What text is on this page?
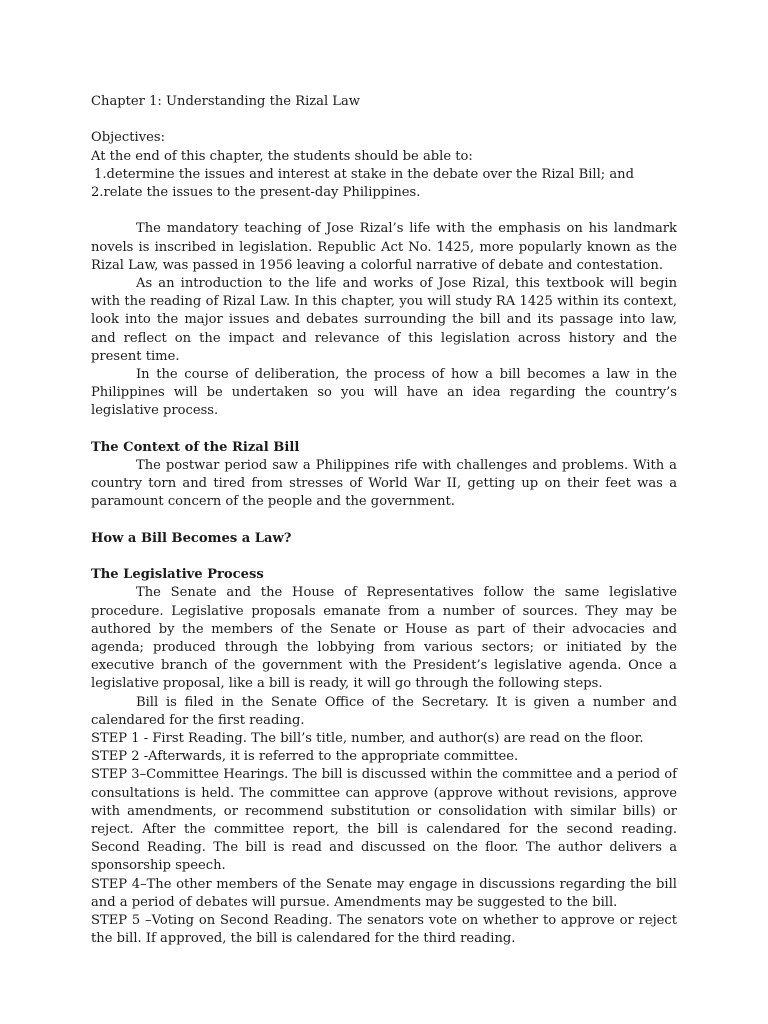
Chapter 1: Understanding the Rizal Law

Objectives:

At the end of this chapter, the students should be able to:

1.determine the issues and interest at stake in the debate over the Rizal Bill; and

2.relate the issues to the present-day Philippines.

The mandatory teaching of Jose Rizal’s life with the emphasis on his landmark novels is inscribed in legislation. Republic Act No. 1425, more popularly known as the Rizal Law, was passed in 1956 leaving a colorful narrative of debate and contestation.

As an introduction to the life and works of Jose Rizal, this textbook will begin with the reading of Rizal Law. In this chapter, you will study RA 1425 within its context, look into the major issues and debates surrounding the bill and its passage into law, and reflect on the impact and relevance of this legislation across history and the present time.

In the course of deliberation, the process of how a bill becomes a law in the Philippines will be undertaken so you will have an idea regarding the country’s legislative process.

The Context of the Rizal Bill

The postwar period saw a Philippines rife with challenges and problems. With a country torn and tired from stresses of World War II, getting up on their feet was a paramount concern of the people and the government.

How a Bill Becomes a Law?

The Legislative Process

The Senate and the House of Representatives follow the same legislative procedure. Legislative proposals emanate from a number of sources. They may be authored by the members of the Senate or House as part of their advocacies and agenda; produced through the lobbying from various sectors; or initiated by the executive branch of the government with the President’s legislative agenda. Once a legislative proposal, like a bill is ready, it will go through the following steps.

Bill is filed in the Senate Office of the Secretary. It is given a number and calendared for the first reading.

STEP 1 - First Reading. The bill’s title, number, and author(s) are read on the floor.

STEP 2 -Afterwards, it is referred to the appropriate committee.

STEP 3–Committee Hearings. The bill is discussed within the committee and a period of consultations is held. The committee can approve (approve without revisions, approve with amendments, or recommend substitution or consolidation with similar bills) or reject. After the committee report, the bill is calendared for the second reading. Second Reading. The bill is read and discussed on the floor. The author delivers a sponsorship speech.

STEP 4–The other members of the Senate may engage in discussions regarding the bill and a period of debates will pursue. Amendments may be suggested to the bill.

STEP 5 –Voting on Second Reading. The senators vote on whether to approve or reject the bill. If approved, the bill is calendared for the third reading.
